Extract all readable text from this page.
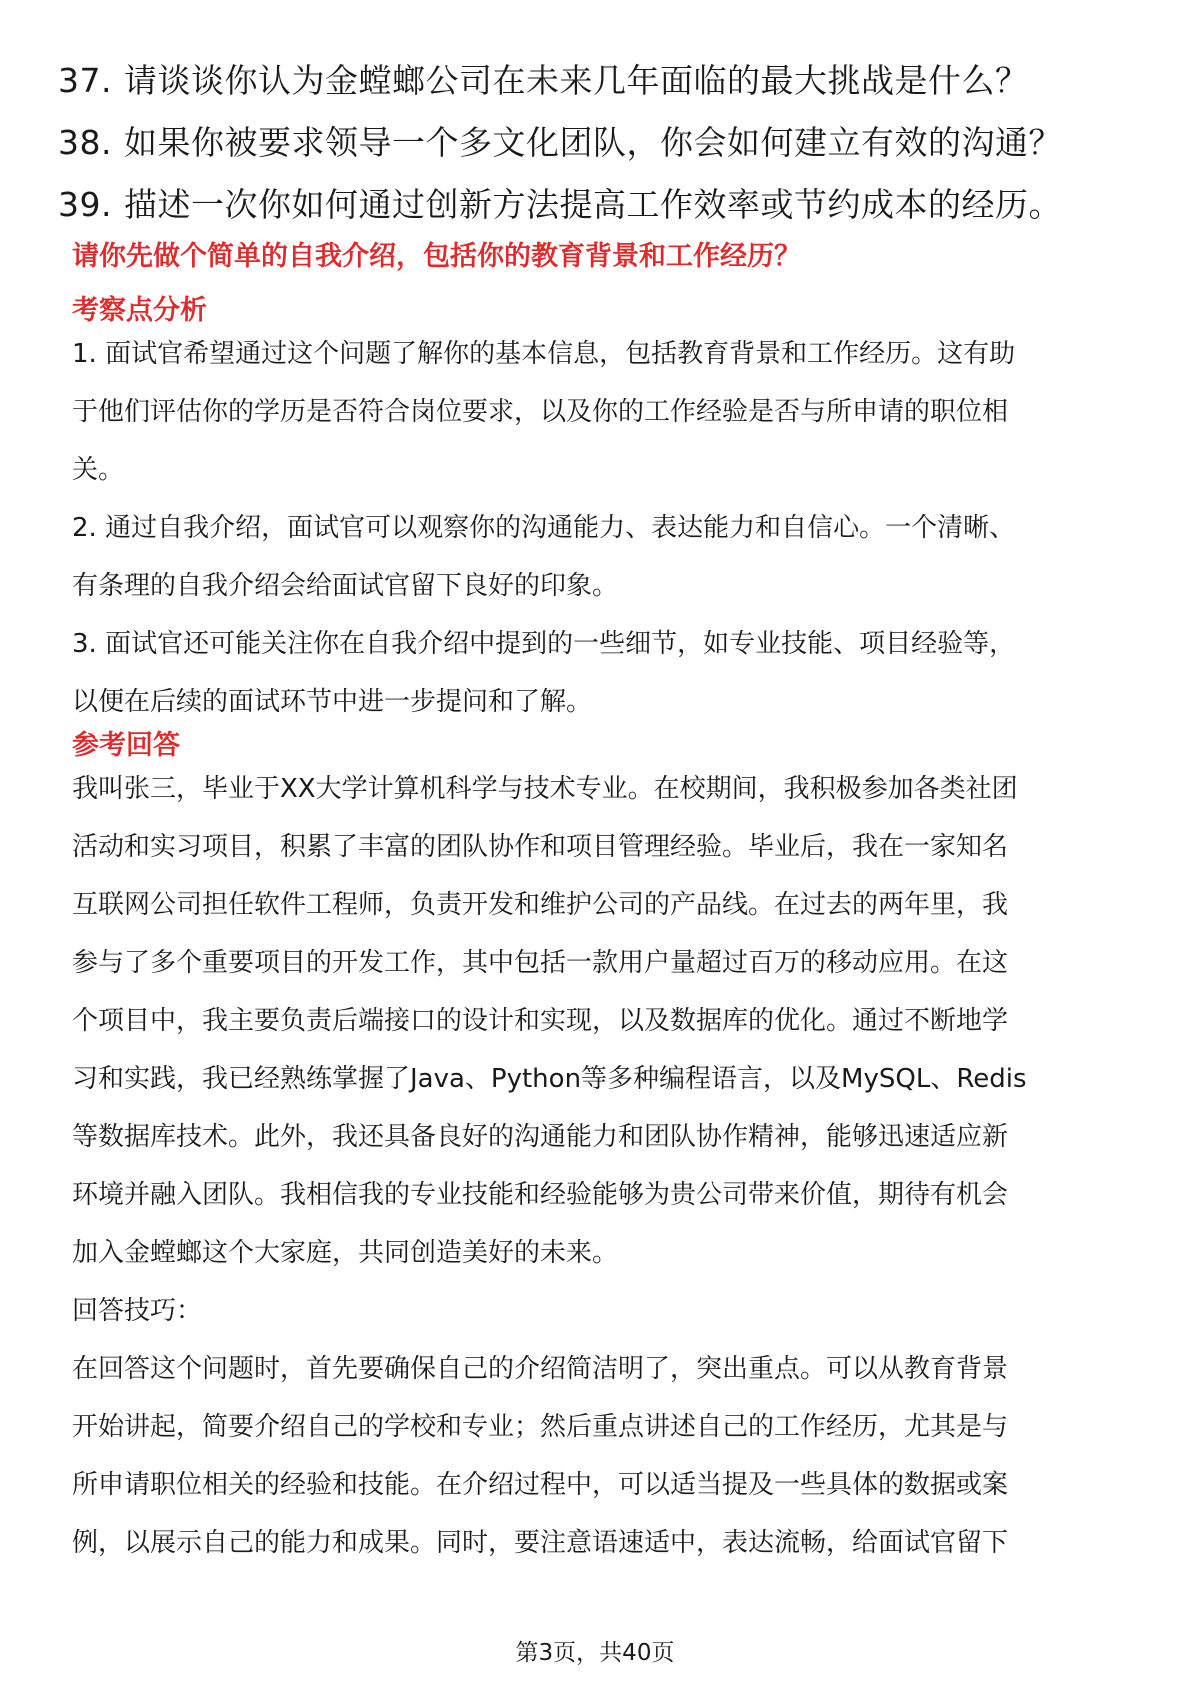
37. 请谈谈你认为金螳螂公司在未来几年面临的最大挑战是什么？
38. 如果你被要求领导一个多文化团队，你会如何建立有效的沟通？
39. 描述一次你如何通过创新方法提高工作效率或节约成本的经历。
请你先做个简单的自我介绍，包括你的教育背景和工作经历？
考察点分析
1. 面试官希望通过这个问题了解你的基本信息，包括教育背景和工作经历。这有助
于他们评估你的学历是否符合岗位要求，以及你的工作经验是否与所申请的职位相
关。
2. 通过自我介绍，面试官可以观察你的沟通能力、表达能力和自信心。一个清晰、
有条理的自我介绍会给面试官留下良好的印象。
3. 面试官还可能关注你在自我介绍中提到的一些细节，如专业技能、项目经验等，
以便在后续的面试环节中进一步提问和了解。
参考回答
我叫张三，毕业于XX大学计算机科学与技术专业。在校期间，我积极参加各类社团
活动和实习项目，积累了丰富的团队协作和项目管理经验。毕业后，我在一家知名
互联网公司担任软件工程师，负责开发和维护公司的产品线。在过去的两年里，我
参与了多个重要项目的开发工作，其中包括一款用户量超过百万的移动应用。在这
个项目中，我主要负责后端接口的设计和实现，以及数据库的优化。通过不断地学
习和实践，我已经熟练掌握了Java、Python等多种编程语言，以及MySQL、Redis
等数据库技术。此外，我还具备良好的沟通能力和团队协作精神，能够迅速适应新
环境并融入团队。我相信我的专业技能和经验能够为贵公司带来价值，期待有机会
加入金螳螂这个大家庭，共同创造美好的未来。
回答技巧：
在回答这个问题时，首先要确保自己的介绍简洁明了，突出重点。可以从教育背景
开始讲起，简要介绍自己的学校和专业；然后重点讲述自己的工作经历，尤其是与
所申请职位相关的经验和技能。在介绍过程中，可以适当提及一些具体的数据或案
例，以展示自己的能力和成果。同时，要注意语速适中，表达流畅，给面试官留下
第3页，共40页
